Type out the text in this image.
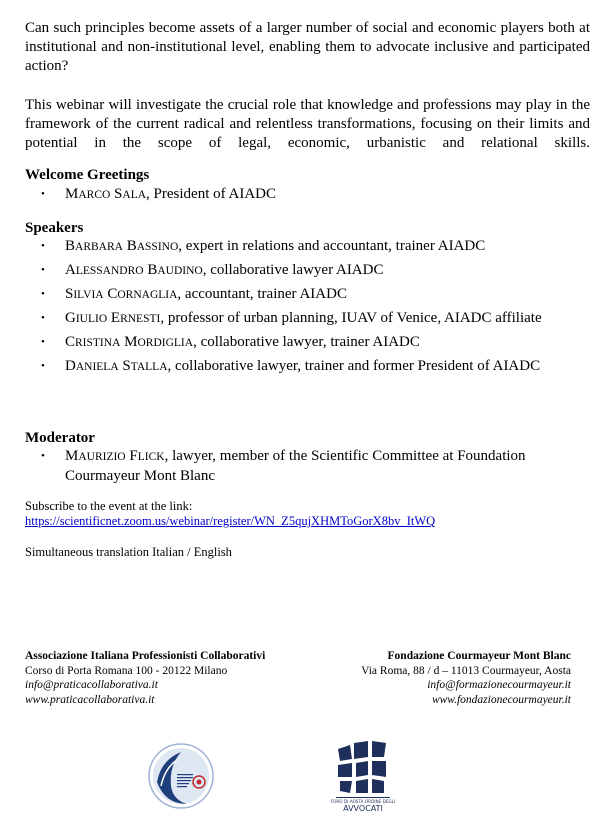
Can such principles become assets of a larger number of social and economic players both at institutional and non-institutional level, enabling them to advocate inclusive and participated action?

This webinar will investigate the crucial role that knowledge and professions may play in the framework of the current radical and relentless transformations, focusing on their limits and potential in the scope of legal, economic, urbanistic and relational skills.

Welcome Greetings

• MARCO SALA, President of AIADC

Speakers

• BARBARA BASSINO, expert in relations and accountant, trainer AIADC
• ALESSANDRO BAUDINO, collaborative lawyer AIADC
• SILVIA CORNAGLIA, accountant, trainer AIADC
• GIULIO ERNESTI, professor of urban planning, IUAV of Venice, AIADC affiliate
• CRISTINA MORDIGLIA, collaborative lawyer, trainer AIADC
• DANIELA STALLA, collaborative lawyer, trainer and former President of AIADC

Moderator

• MAURIZIO FLICK, lawyer, member of the Scientific Committee at Foundation Courmayeur Mont Blanc

Subscribe to the event at the link:

https://scientificnet.zoom.us/webinar/register/WN_Z5qujXHMToGorX8bv_ItWQ

Simultaneous translation Italian / English

Associazione Italiana Professionisti Collaborativi
Corso di Porta Romana 100 - 20122 Milano
info@praticacollaborativa.it
www.praticacollaborativa.it
Fondazione Courmayeur Mont Blanc
Via Roma, 88 / d – 11013 Courmayeur, Aosta
info@formazionecourmayeur.it
www.fondazionecourmayeur.it
FORO DI AOSTA ORDINE DEGLI
AVVOCATI
